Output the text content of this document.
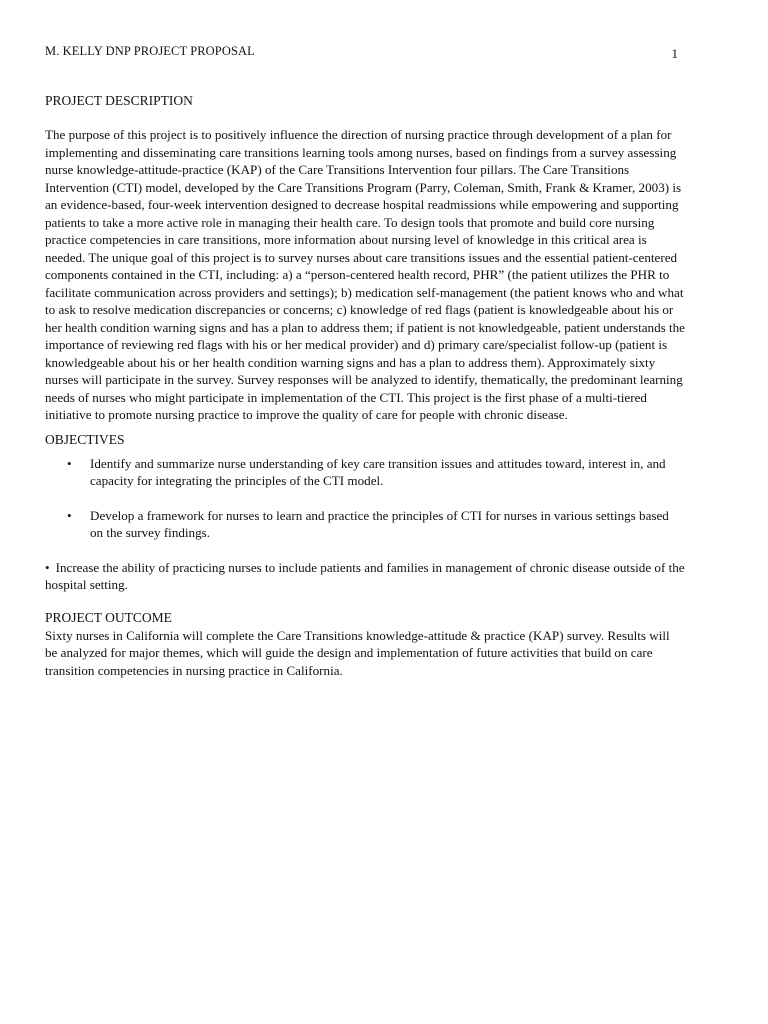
M. KELLY DNP PROJECT PROPOSAL	1
PROJECT DESCRIPTION

The purpose of this project is to positively influence the direction of nursing practice through development of a plan for implementing and disseminating care transitions learning tools among nurses, based on findings from a survey assessing nurse knowledge-attitude-practice (KAP) of the Care Transitions Intervention four pillars. The Care Transitions Intervention (CTI) model, developed by the Care Transitions Program (Parry, Coleman, Smith, Frank & Kramer, 2003) is an evidence-based, four-week intervention designed to decrease hospital readmissions while empowering and supporting patients to take a more active role in managing their health care. To design tools that promote and build core nursing practice competencies in care transitions, more information about nursing level of knowledge in this critical area is needed. The unique goal of this project is to survey nurses about care transitions issues and the essential patient-centered components contained in the CTI, including: a) a “person-centered health record, PHR” (the patient utilizes the PHR to facilitate communication across providers and settings); b) medication self-management (the patient knows who and what to ask to resolve medication discrepancies or concerns; c) knowledge of red flags (patient is knowledgeable about his or her health condition warning signs and has a plan to address them; if patient is not knowledgeable, patient understands the importance of reviewing red flags with his or her medical provider) and d) primary care/specialist follow-up (patient is knowledgeable about his or her health condition warning signs and has a plan to address them). Approximately sixty nurses will participate in the survey. Survey responses will be analyzed to identify, thematically, the predominant learning needs of nurses who might participate in implementation of the CTI. This project is the first phase of a multi-tiered initiative to promote nursing practice to improve the quality of care for people with chronic disease.

OBJECTIVES
• Identify and summarize nurse understanding of key care transition issues and attitudes toward, interest in, and capacity for integrating the principles of the CTI model.
• Develop a framework for nurses to learn and practice the principles of CTI for nurses in various settings based on the survey findings.

• Increase the ability of practicing nurses to include patients and families in management of chronic disease outside of the hospital setting.

PROJECT OUTCOME

Sixty nurses in California will complete the Care Transitions knowledge-attitude & practice (KAP) survey. Results will be analyzed for major themes, which will guide the design and implementation of future activities that build on care transition competencies in nursing practice in California.
